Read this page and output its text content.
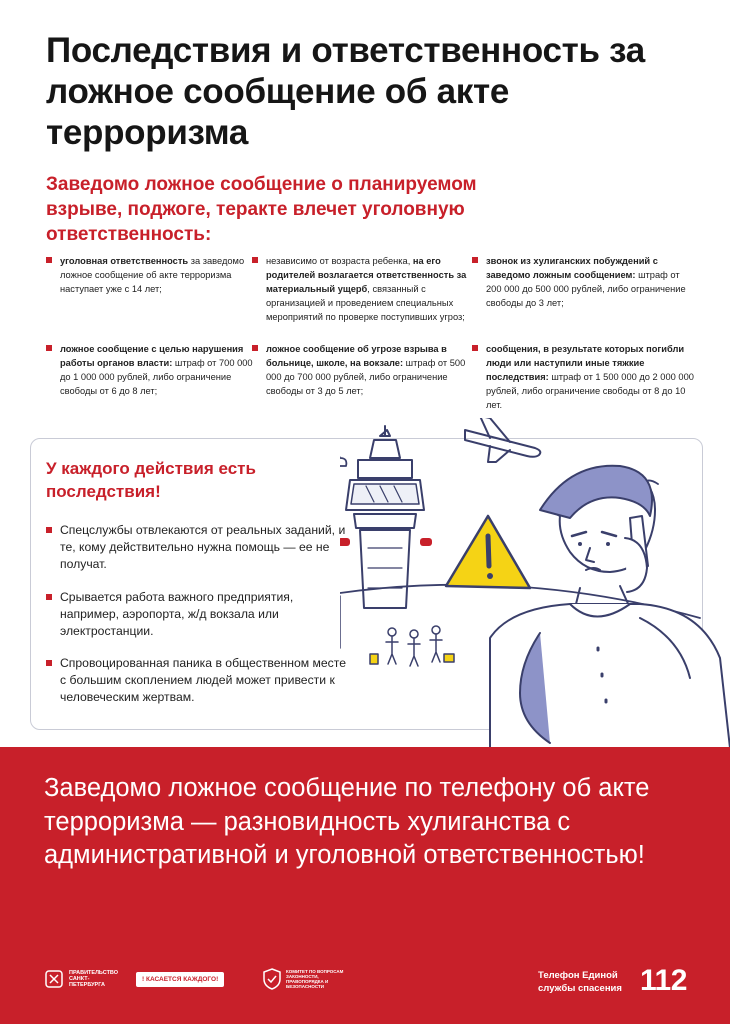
Последствия и ответственность за ложное сообщение об акте терроризма

Заведомо ложное сообщение о планируемом взрыве, поджоге, теракте влечет уголовную ответственность:

уголовная ответственность за заведомо ложное сообщение об акте терроризма наступает уже с 14 лет;
независимо от возраста ребенка, на его родителей возлагается ответственность за материальный ущерб, связанный с организацией и проведением специальных мероприятий по проверке поступивших угроз;
звонок из хулиганских побуждений с заведомо ложным сообщением: штраф от 200 000 до 500 000 рублей, либо ограничение свободы до 3 лет;
ложное сообщение с целью нарушения работы органов власти: штраф от 700 000 до 1 000 000 рублей, либо ограничение свободы от 6 до 8 лет;
ложное сообщение об угрозе взрыва в больнице, школе, на вокзале: штраф от 500 000 до 700 000 рублей, либо ограничение свободы от 3 до 5 лет;
сообщения, в результате которых погибли люди или наступили иные тяжкие последствия: штраф от 1 500 000 до 2 000 000 рублей, либо ограничение свободы от 8 до 10 лет.
У каждого действия есть последствия!
Спецслужбы отвлекаются от реальных заданий, и те, кому действительно нужна помощь — ее не получат.
Срывается работа важного предприятия, например, аэропорта, ж/д вокзала или электростанции.
Спровоцированная паника в общественном месте с большим скоплением людей может привести к человеческим жертвам.

Заведомо ложное сообщение по телефону об акте терроризма — разновидность хулиганства с административной и уголовной ответственностью!

ПРАВИТЕЛЬСТВО САНКТ-ПЕТЕРБУРГА
! КАСАЕТСЯ КАЖДОГО!
КОМИТЕТ ПО ВОПРОСАМ ЗАКОННОСТИ, ПРАВОПОРЯДКА И БЕЗОПАСНОСТИ
Телефон Единой службы спасения 112
